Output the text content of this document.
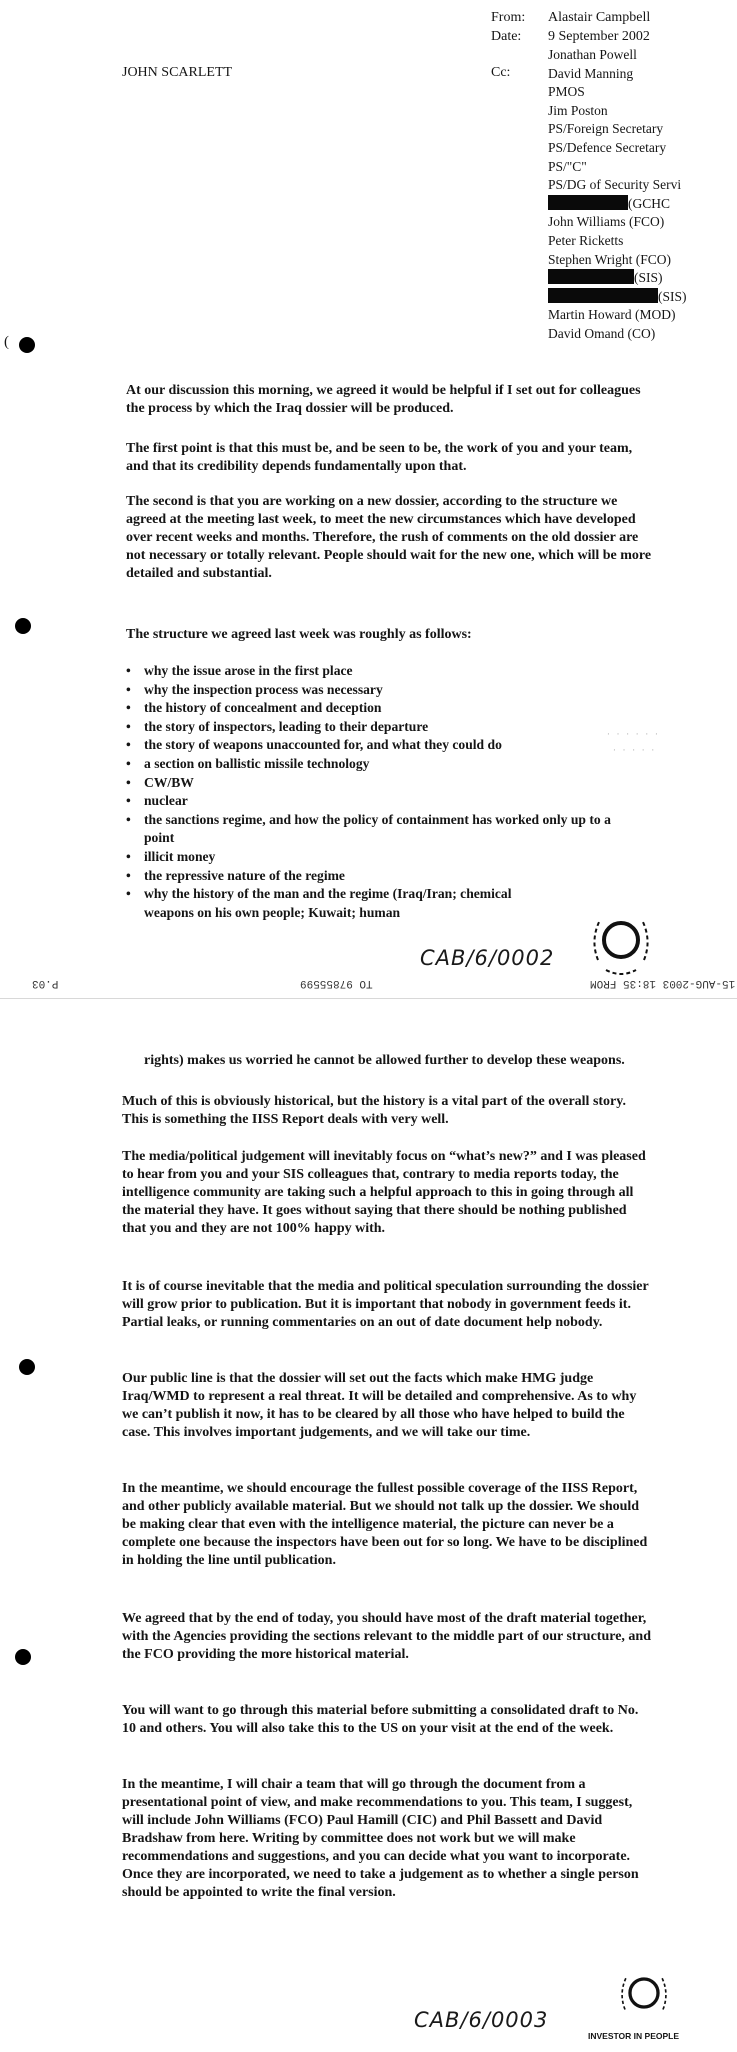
From: Alastair Campbell
Date: 9 September 2002
JOHN SCARLETT	Cc:
Jonathan Powell
David Manning
PMOS
Jim Poston
PS/Foreign Secretary
PS/Defence Secretary
PS/"C"
PS/DG of Security Servi
(GCHC
John Williams (FCO)
Peter Ricketts
Stephen Wright (FCO)
(SIS)
(SIS)
Martin Howard (MOD)
David Omand (CO)
(
At our discussion this morning, we agreed it would be helpful if I set out for colleagues the process by which the Iraq dossier will be produced.
The first point is that this must be, and be seen to be, the work of you and your team, and that its credibility depends fundamentally upon that.
The second is that you are working on a new dossier, according to the structure we agreed at the meeting last week, to meet the new circumstances which have developed over recent weeks and months. Therefore, the rush of comments on the old dossier are not necessary or totally relevant. People should wait for the new one, which will be more detailed and substantial.
The structure we agreed last week was roughly as follows:
• why the issue arose in the first place
• why the inspection process was necessary
• the history of concealment and deception
• the story of inspectors, leading to their departure
• the story of weapons unaccounted for, and what they could do
• a section on ballistic missile technology
• CW/BW
• nuclear
• the sanctions regime, and how the policy of containment has worked only up to a point
• illicit money
• the repressive nature of the regime
• why the history of the man and the regime (Iraq/Iran; chemical weapons on his own people; Kuwait; human
· · · · · ·
· · · · ·
CAB/6/0002
15-AUG-2003 18:35 FROM
TO 97855599
P.03
rights) makes us worried he cannot be allowed further to develop these weapons.
Much of this is obviously historical, but the history is a vital part of the overall story. This is something the IISS Report deals with very well.
The media/political judgement will inevitably focus on “what’s new?” and I was pleased to hear from you and your SIS colleagues that, contrary to media reports today, the intelligence community are taking such a helpful approach to this in going through all the material they have. It goes without saying that there should be nothing published that you and they are not 100% happy with.
It is of course inevitable that the media and political speculation surrounding the dossier will grow prior to publication. But it is important that nobody in government feeds it. Partial leaks, or running commentaries on an out of date document help nobody.
Our public line is that the dossier will set out the facts which make HMG judge Iraq/WMD to represent a real threat. It will be detailed and comprehensive. As to why we can’t publish it now, it has to be cleared by all those who have helped to build the case. This involves important judgements, and we will take our time.
In the meantime, we should encourage the fullest possible coverage of the IISS Report, and other publicly available material. But we should not talk up the dossier. We should be making clear that even with the intelligence material, the picture can never be a complete one because the inspectors have been out for so long. We have to be disciplined in holding the line until publication.
We agreed that by the end of today, you should have most of the draft material together, with the Agencies providing the sections relevant to the middle part of our structure, and the FCO providing the more historical material.
You will want to go through this material before submitting a consolidated draft to No. 10 and others. You will also take this to the US on your visit at the end of the week.
In the meantime, I will chair a team that will go through the document from a presentational point of view, and make recommendations to you. This team, I suggest, will include John Williams (FCO) Paul Hamill (CIC) and Phil Bassett and David Bradshaw from here. Writing by committee does not work but we will make recommendations and suggestions, and you can decide what you want to incorporate. Once they are incorporated, we need to take a judgement as to whether a single person should be appointed to write the final version.
INVESTOR IN PEOPLE
CAB/6/0003
